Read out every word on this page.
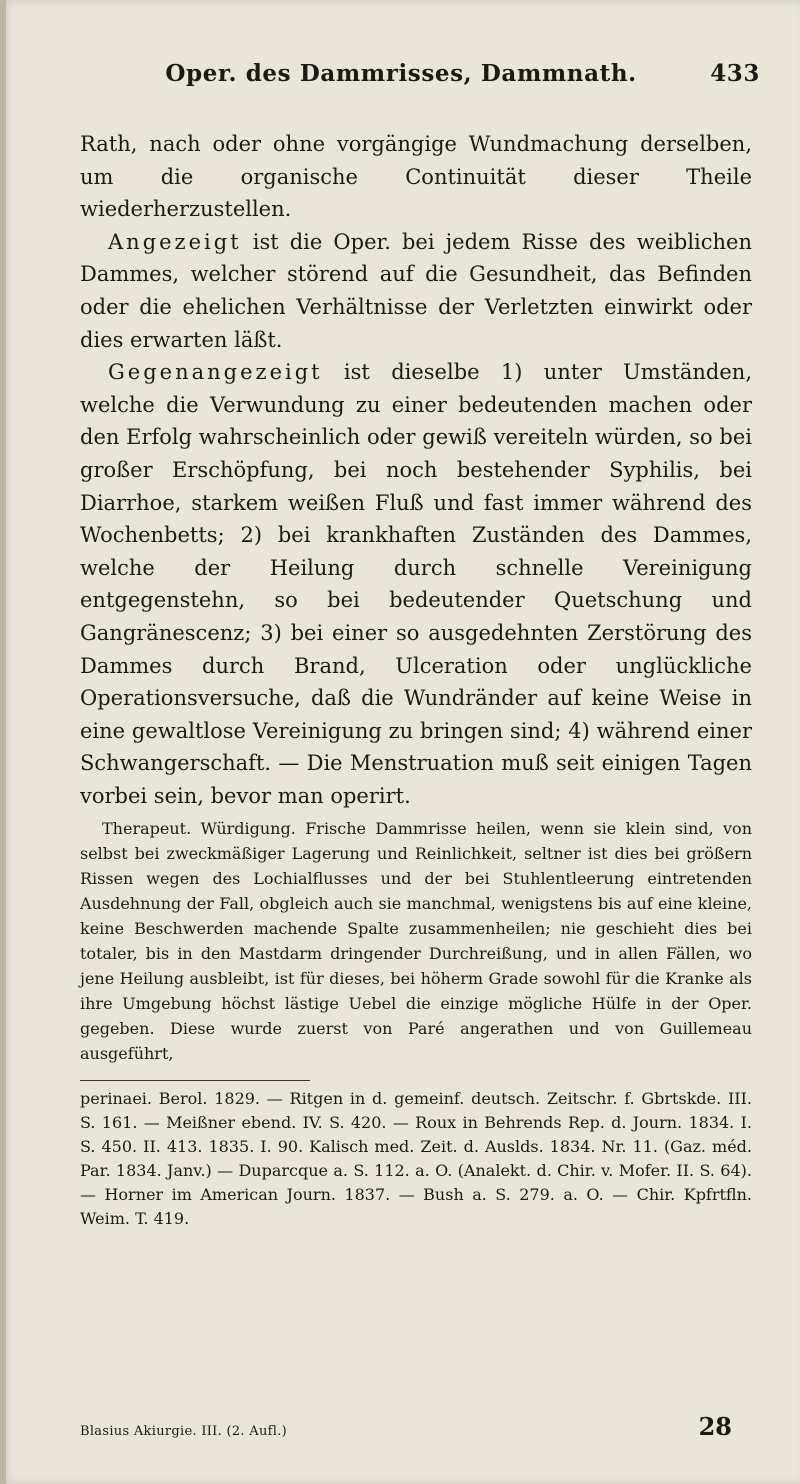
Oper. des Dammrisses, Dammnath.	433

Rath, nach oder ohne vorgängige Wundmachung derselben, um die organische Continuität dieser Theile wiederherzustellen.

Angezeigt ist die Oper. bei jedem Risse des weiblichen Dammes, welcher störend auf die Gesundheit, das Befinden oder die ehelichen Verhältnisse der Verletzten einwirkt oder dies erwarten läßt.

Gegenangezeigt ist dieselbe 1) unter Umständen, welche die Verwundung zu einer bedeutenden machen oder den Erfolg wahrscheinlich oder gewiß vereiteln würden, so bei großer Erschöpfung, bei noch bestehender Syphilis, bei Diarrhoe, starkem weißen Fluß und fast immer während des Wochenbetts; 2) bei krankhaften Zuständen des Dammes, welche der Heilung durch schnelle Vereinigung entgegenstehn, so bei bedeutender Quetschung und Gangränescenz; 3) bei einer so ausgedehnten Zerstörung des Dammes durch Brand, Ulceration oder unglückliche Operationsversuche, daß die Wundränder auf keine Weise in eine gewaltlose Vereinigung zu bringen sind; 4) während einer Schwangerschaft. — Die Menstruation muß seit einigen Tagen vorbei sein, bevor man operirt.

Therapeut. Würdigung. Frische Dammrisse heilen, wenn sie klein sind, von selbst bei zweckmäßiger Lagerung und Reinlichkeit, seltner ist dies bei größern Rissen wegen des Lochialflusses und der bei Stuhlentleerung eintretenden Ausdehnung der Fall, obgleich auch sie manchmal, wenigstens bis auf eine kleine, keine Beschwerden machende Spalte zusammenheilen; nie geschieht dies bei totaler, bis in den Mastdarm dringender Durchreißung, und in allen Fällen, wo jene Heilung ausbleibt, ist für dieses, bei höherm Grade sowohl für die Kranke als ihre Umgebung höchst lästige Uebel die einzige mögliche Hülfe in der Oper. gegeben. Diese wurde zuerst von Paré angerathen und von Guillemeau ausgeführt,

perinaei. Berol. 1829. — Ritgen in d. gemeinf. deutsch. Zeitschr. f. Gbrtskde. III. S. 161. — Meißner ebend. IV. S. 420. — Roux in Behrends Rep. d. Journ. 1834. I. S. 450. II. 413. 1835. I. 90. Kalisch med. Zeit. d. Auslds. 1834. Nr. 11. (Gaz. méd. Par. 1834. Janv.) — Duparcque a. S. 112. a. O. (Analekt. d. Chir. v. Mofer. II. S. 64). — Horner im American Journ. 1837. — Bush a. S. 279. a. O. — Chir. Kpfrtfln. Weim. T. 419.

Blasius Akiurgie. III. (2. Aufl.)	28
